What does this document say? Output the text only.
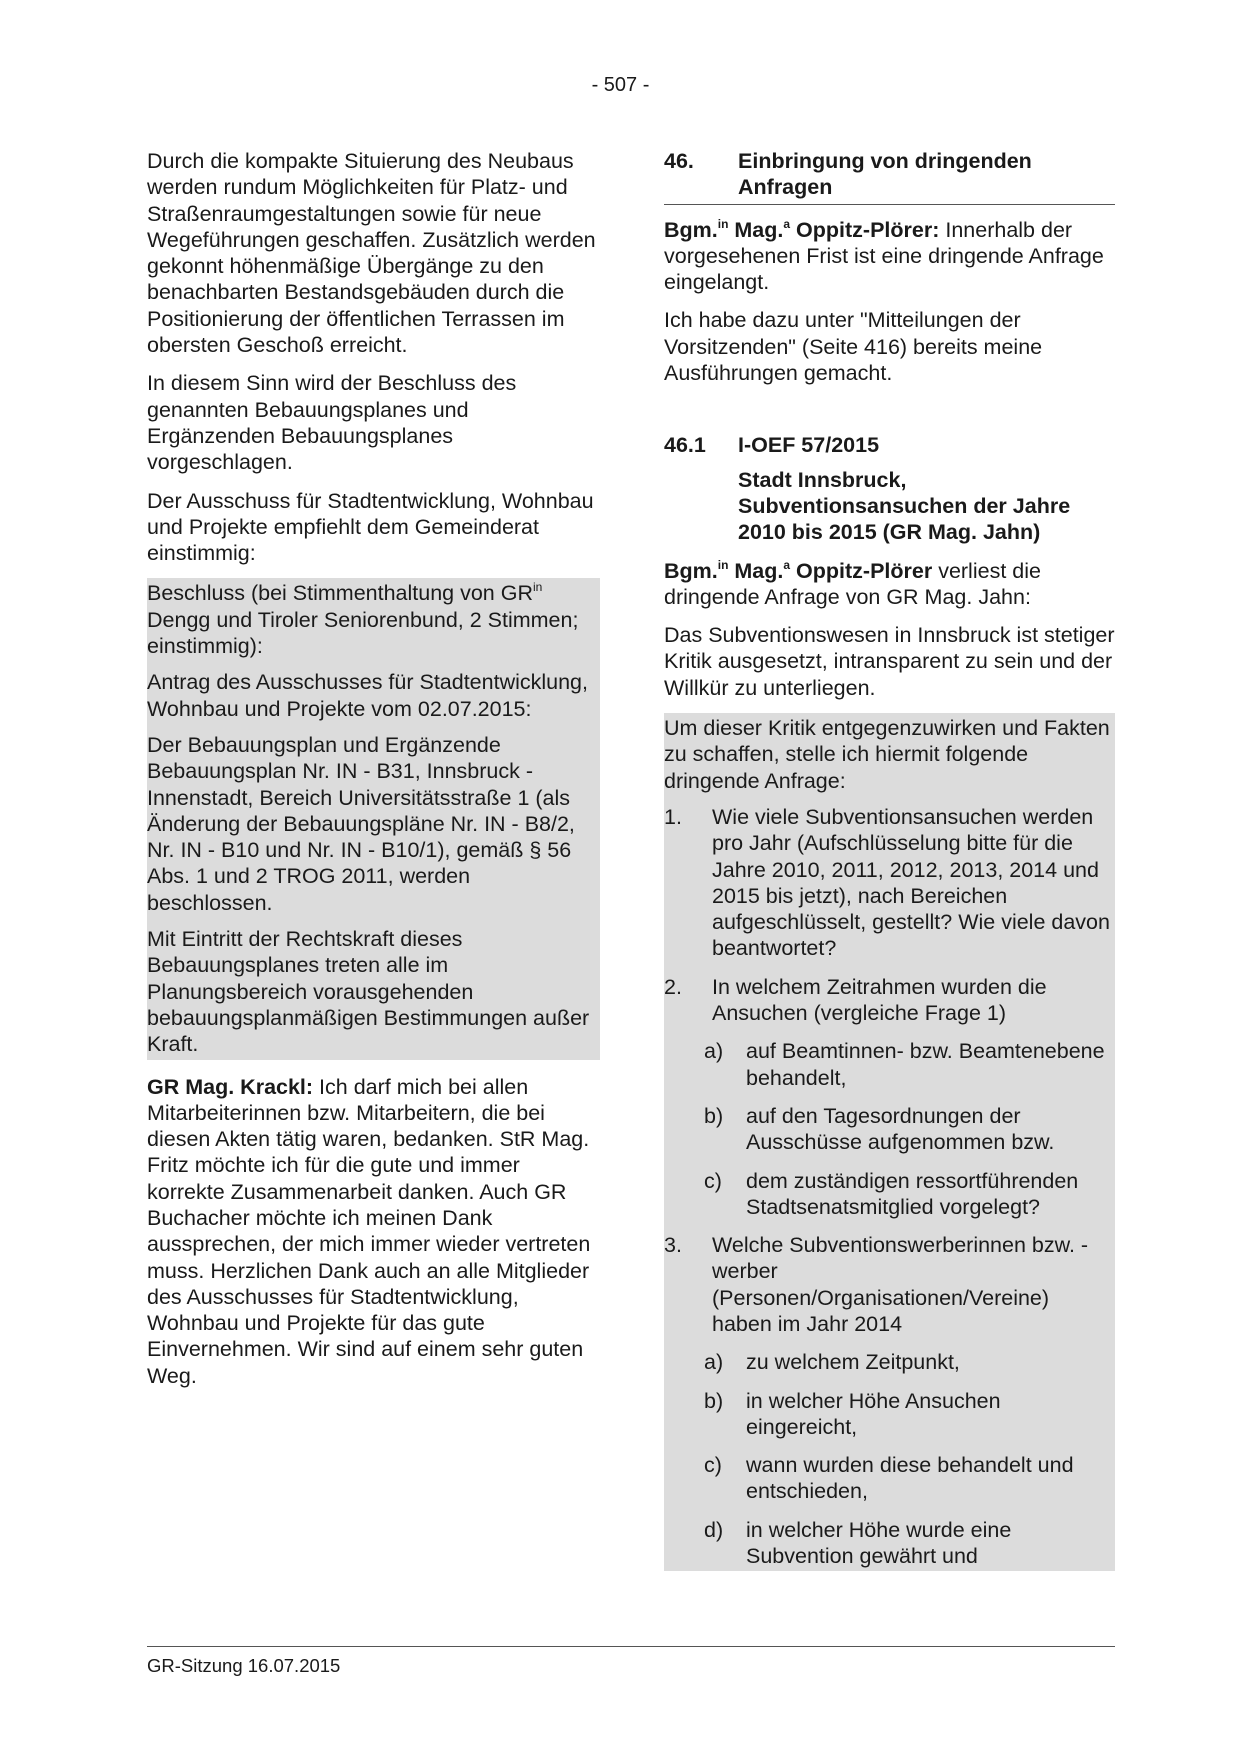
- 507 -

Durch die kompakte Situierung des Neubaus werden rundum Möglichkeiten für Platz- und Straßenraumgestaltungen sowie für neue Wegeführungen geschaffen. Zusätzlich werden gekonnt höhenmäßige Übergänge zu den benachbarten Bestandsgebäuden durch die Positionierung der öffentlichen Terrassen im obersten Geschoß erreicht.

In diesem Sinn wird der Beschluss des genannten Bebauungsplanes und Ergänzenden Bebauungsplanes vorgeschlagen.

Der Ausschuss für Stadtentwicklung, Wohnbau und Projekte empfiehlt dem Gemeinderat einstimmig:

Beschluss (bei Stimmenthaltung von $GR^{in}$ Dengg und Tiroler Seniorenbund, 2 Stimmen; einstimmig):

Antrag des Ausschusses für Stadtentwicklung, Wohnbau und Projekte vom 02.07.2015:

Der Bebauungsplan und Ergänzende Bebauungsplan Nr. IN - B31, Innsbruck - Innenstadt, Bereich Universitätsstraße 1 (als Änderung der Bebauungspläne Nr. IN - B8/2, Nr. IN - B10 und Nr. IN - B10/1), gemäß § 56 Abs. 1 und 2 TROG 2011, werden beschlossen.

Mit Eintritt der Rechtskraft dieses Bebauungsplanes treten alle im Planungsbereich vorausgehenden bebauungsplanmäßigen Bestimmungen außer Kraft.

GR Mag. Krackl: Ich darf mich bei allen Mitarbeiterinnen bzw. Mitarbeitern, die bei diesen Akten tätig waren, bedanken. StR Mag. Fritz möchte ich für die gute und immer korrekte Zusammenarbeit danken. Auch GR Buchacher möchte ich meinen Dank aussprechen, der mich immer wieder vertreten muss. Herzlichen Dank auch an alle Mitglieder des Ausschusses für Stadtentwicklung, Wohnbau und Projekte für das gute Einvernehmen. Wir sind auf einem sehr guten Weg.

46.	Einbringung von dringenden Anfragen

Bgm.$^{in}$ Mag.$^a$ Oppitz-Plörer: Innerhalb der vorgesehenen Frist ist eine dringende Anfrage eingelangt.

Ich habe dazu unter "Mitteilungen der Vorsitzenden" (Seite 416) bereits meine Ausführungen gemacht.

46.1	I-OEF 57/2015
Stadt Innsbruck, Subventionsansuchen der Jahre 2010 bis 2015 (GR Mag. Jahn)

Bgm.$^{in}$ Mag.$^a$ Oppitz-Plörer verliest die dringende Anfrage von GR Mag. Jahn:

Das Subventionswesen in Innsbruck ist stetiger Kritik ausgesetzt, intransparent zu sein und der Willkür zu unterliegen.

Um dieser Kritik entgegenzuwirken und Fakten zu schaffen, stelle ich hiermit folgende dringende Anfrage:

1.	Wie viele Subventionsansuchen werden pro Jahr (Aufschlüsselung bitte für die Jahre 2010, 2011, 2012, 2013, 2014 und 2015 bis jetzt), nach Bereichen aufgeschlüsselt, gestellt? Wie viele davon beantwortet?
2.	In welchem Zeitrahmen wurden die Ansuchen (vergleiche Frage 1)
a)	auf Beamtinnen- bzw. Beamtenebene behandelt,
b)	auf den Tagesordnungen der Ausschüsse aufgenommen bzw.
c)	dem zuständigen ressortführenden Stadtsenatsmitglied vorgelegt?
3.	Welche Subventionswerberinnen bzw. -werber (Personen/Organisationen/Vereine) haben im Jahr 2014
a)	zu welchem Zeitpunkt,
b)	in welcher Höhe Ansuchen eingereicht,
c)	wann wurden diese behandelt und entschieden,
d)	in welcher Höhe wurde eine Subvention gewährt und
GR-Sitzung 16.07.2015
